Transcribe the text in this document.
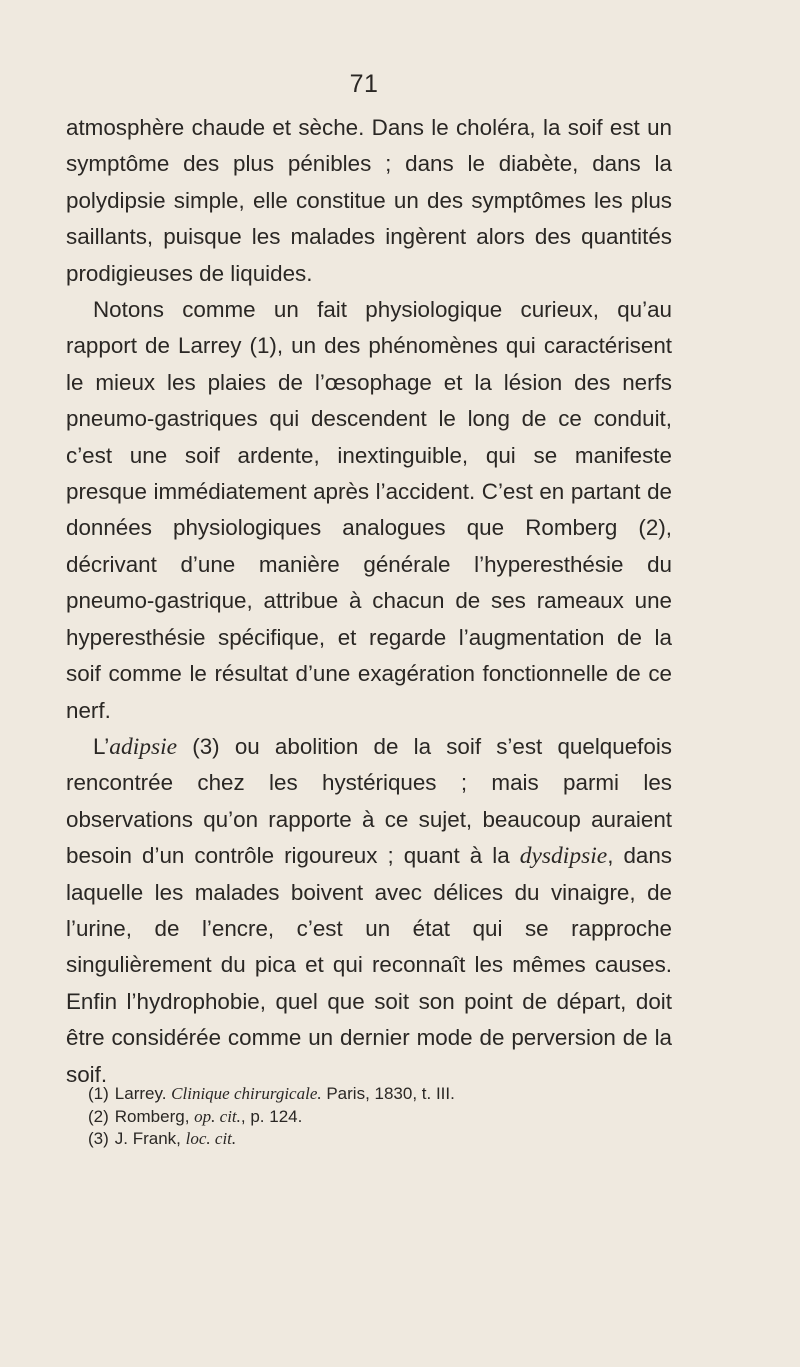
71

atmosphère chaude et sèche. Dans le choléra, la soif est un symptôme des plus pénibles ; dans le diabète, dans la polydipsie simple, elle constitue un des symptômes les plus saillants, puisque les malades ingèrent alors des quantités prodigieuses de liquides.

Notons comme un fait physiologique curieux, qu’au rapport de Larrey (1), un des phénomènes qui caractérisent le mieux les plaies de l’œsophage et la lésion des nerfs pneumo-gastriques qui descendent le long de ce conduit, c’est une soif ardente, inextinguible, qui se manifeste presque immédiatement après l’accident. C’est en partant de données physiologiques analogues que Romberg (2), décrivant d’une manière générale l’hyperesthésie du pneumo-gastrique, attribue à chacun de ses rameaux une hyperesthésie spécifique, et regarde l’augmentation de la soif comme le résultat d’une exagération fonctionnelle de ce nerf.

L’adipsie (3) ou abolition de la soif s’est quelquefois rencontrée chez les hystériques ; mais parmi les observations qu’on rapporte à ce sujet, beaucoup auraient besoin d’un contrôle rigoureux ; quant à la dysdipsie, dans laquelle les malades boivent avec délices du vinaigre, de l’urine, de l’encre, c’est un état qui se rapproche singulièrement du pica et qui reconnaît les mêmes causes. Enfin l’hydrophobie, quel que soit son point de départ, doit être considérée comme un dernier mode de perversion de la soif.

(1) Larrey. Clinique chirurgicale. Paris, 1830, t. III.
(2) Romberg, op. cit., p. 124.
(3) J. Frank, loc. cit.
